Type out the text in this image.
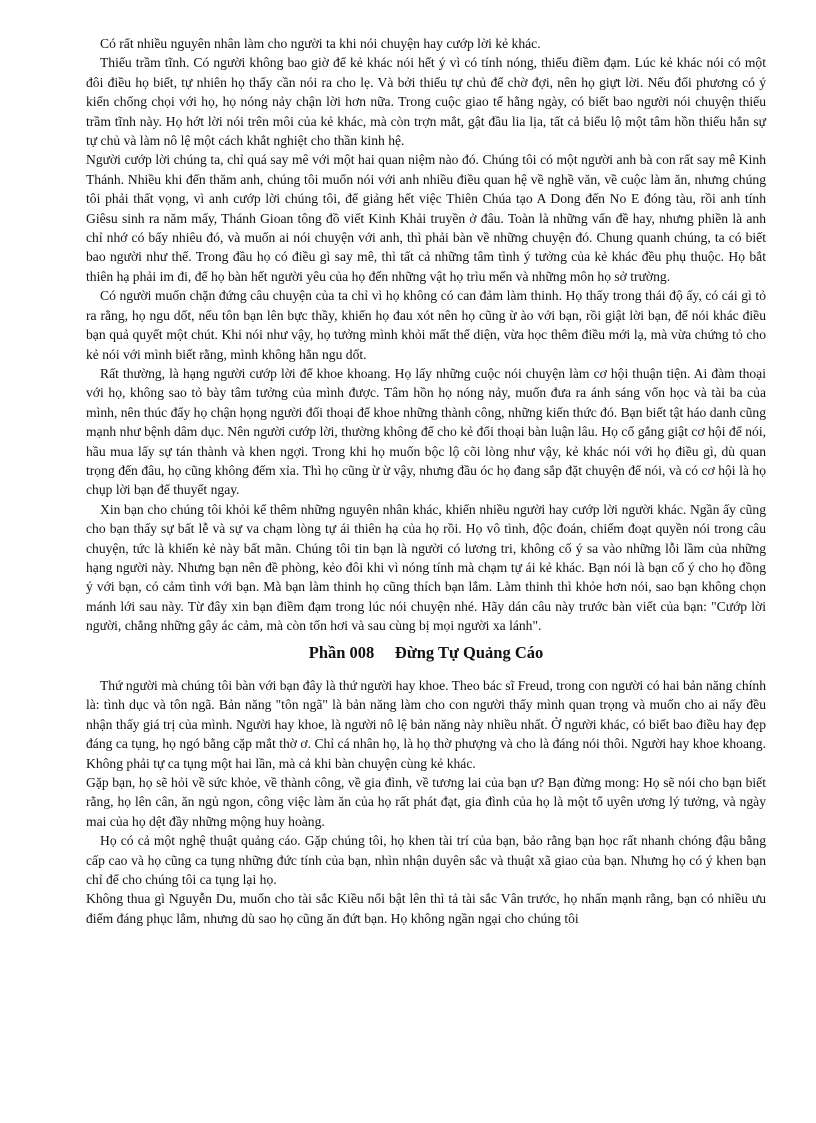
Có rất nhiều nguyên nhân làm cho người ta khi nói chuyện hay cướp lời kẻ khác.

Thiếu trầm tĩnh. Có người không bao giờ để kẻ khác nói hết ý vì có tính nóng, thiếu điềm đạm. Lúc kẻ khác nói có một đôi điều họ biết, tự nhiên họ thấy cần nói ra cho lẹ. Và bởi thiếu tự chủ để chờ đợi, nên họ giựt lời. Nếu đối phương có ý kiến chống chọi với họ, họ nóng nảy chận lời hơn nữa. Trong cuộc giao tế hằng ngày, có biết bao người nói chuyện thiếu trầm tĩnh này. Họ hớt lời nói trên môi của kẻ khác, mà còn trợn mắt, gật đầu lia lịa, tất cả biểu lộ một tâm hồn thiếu hẳn sự tự chủ và làm nô lệ một cách khắt nghiệt cho thần kinh hệ.

Người cướp lời chúng ta, chỉ quá say mê với một hai quan niệm nào đó. Chúng tôi có một người anh bà con rất say mê Kinh Thánh. Nhiều khi đến thăm anh, chúng tôi muốn nói với anh nhiều điều quan hệ về nghề văn, về cuộc làm ăn, nhưng chúng tôi phải thất vọng, vì anh cướp lời chúng tôi, để giảng hết việc Thiên Chúa tạo A Dong đến No E đóng tàu, rồi anh tính Giêsu sinh ra năm mấy, Thánh Gioan tông đồ viết Kinh Khải truyền ở đâu. Toàn là những vấn đề hay, nhưng phiền là anh chỉ nhớ có bấy nhiêu đó, và muốn ai nói chuyện với anh, thì phải bàn về những chuyện đó. Chung quanh chúng, ta có biết bao người như thế. Trong đầu họ có điều gì say mê, thì tất cả những tâm tình ý tưởng của kẻ khác đều phụ thuộc. Họ bắt thiên hạ phải im đi, để họ bàn hết người yêu của họ đến những vật họ trìu mến và những môn họ sở trường.

Có người muốn chặn đứng câu chuyện của ta chỉ vì họ không có can đảm làm thinh. Họ thấy trong thái độ ấy, có cái gì tỏ ra rằng, họ ngu dốt, nếu tôn bạn lên bực thầy, khiến họ đau xót nên họ cũng ừ ào với bạn, rồi giật lời bạn, để nói khác điều bạn quả quyết một chút. Khi nói như vậy, họ tưởng mình khỏi mất thể diện, vừa học thêm điều mới lạ, mà vừa chứng tỏ cho kẻ nói với mình biết rằng, mình không hẳn ngu dốt.

Rất thường, là hạng người cướp lời để khoe khoang. Họ lấy những cuộc nói chuyện làm cơ hội thuận tiện. Ai đàm thoại với họ, không sao tỏ bày tâm tưởng của mình được. Tâm hồn họ nóng nảy, muốn đưa ra ánh sáng vốn học và tài ba của mình, nên thúc đẩy họ chận họng người đối thoại để khoe những thành công, những kiến thức đó. Bạn biết tật háo danh cũng mạnh như bệnh dâm dục. Nên người cướp lời, thường không để cho kẻ đối thoại bàn luận lâu. Họ cố gắng giật cơ hội để nói, hầu mua lấy sự tán thành và khen ngợi. Trong khi họ muốn bộc lộ cõi lòng như vậy, kẻ khác nói với họ điều gì, dù quan trọng đến đâu, họ cũng không đếm xỉa. Thì họ cũng ừ ừ vậy, nhưng đầu óc họ đang sắp đặt chuyện để nói, và có cơ hội là họ chụp lời bạn để thuyết ngay.

Xin bạn cho chúng tôi khỏi kể thêm những nguyên nhân khác, khiến nhiều người hay cướp lời người khác. Ngần ấy cũng cho bạn thấy sự bất lễ và sự va chạm lòng tự ái thiên hạ của họ rồi. Họ vô tình, độc đoán, chiếm đoạt quyền nói trong câu chuyện, tức là khiến kẻ này bất mãn. Chúng tôi tin bạn là người có lương tri, không cố ý sa vào những lỗi lầm của những hạng người này. Nhưng bạn nên đề phòng, kẻo đôi khi vì nóng tính mà chạm tự ái kẻ khác. Bạn nói là bạn cố ý cho họ đồng ý với bạn, có cảm tình với bạn. Mà bạn làm thinh họ cũng thích bạn lắm. Làm thinh thì khỏe hơn nói, sao bạn không chọn mánh lới sau này. Từ đây xin bạn điềm đạm trong lúc nói chuyện nhé. Hãy dán câu này trước bàn viết của bạn: "Cướp lời người, chẳng những gây ác cảm, mà còn tốn hơi và sau cùng bị mọi người xa lánh".

Phần 008     Đừng Tự Quảng Cáo

Thứ người mà chúng tôi bàn với bạn đây là thứ người hay khoe. Theo bác sĩ Freud, trong con người có hai bản năng chính là: tình dục và tôn ngã. Bản năng "tôn ngã" là bản năng làm cho con người thấy mình quan trọng và muốn cho ai nấy đều nhận thấy giá trị của mình. Người hay khoe, là người nô lệ bản năng này nhiều nhất. Ở người khác, có biết bao điều hay đẹp đáng ca tụng, họ ngó bằng cặp mắt thờ ơ. Chỉ cá nhân họ, là họ thờ phượng và cho là đáng nói thôi. Người hay khoe khoang. Không phải tự ca tụng một hai lần, mà cả khi bàn chuyện cùng kẻ khác.

Gặp bạn, họ sẽ hỏi về sức khỏe, về thành công, về gia đình, về tương lai của bạn ư? Bạn đừng mong: Họ sẽ nói cho bạn biết rằng, họ lên cân, ăn ngủ ngon, công việc làm ăn của họ rất phát đạt, gia đình của họ là một tổ uyên ương lý tưởng, và ngày mai của họ dệt đầy những mộng huy hoàng.

Họ có cả một nghệ thuật quảng cáo. Gặp chúng tôi, họ khen tài trí của bạn, bảo rằng bạn học rất nhanh chóng đậu bằng cấp cao và họ cũng ca tụng những đức tính của bạn, nhìn nhận duyên sắc và thuật xã giao của bạn. Nhưng họ có ý khen bạn chỉ để cho chúng tôi ca tụng lại họ.

Không thua gì Nguyễn Du, muốn cho tài sắc Kiều nổi bật lên thì tả tài sắc Vân trước, họ nhấn mạnh rằng, bạn có nhiều ưu điểm đáng phục lắm, nhưng dù sao họ cũng ăn đứt bạn. Họ không ngần ngại cho chúng tôi
